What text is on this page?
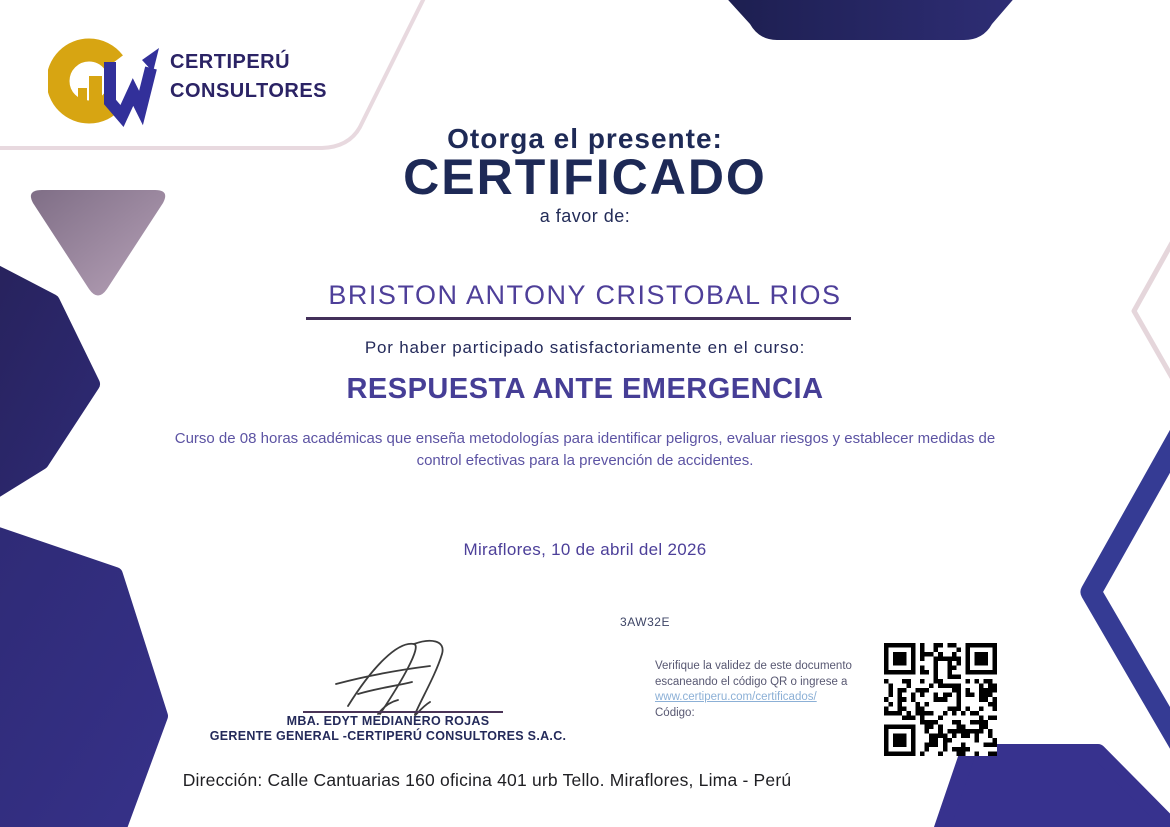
CERTIPERÚ
CONSULTORES
Otorga el presente:
CERTIFICADO
a favor de:
BRISTON ANTONY CRISTOBAL RIOS
Por haber participado satisfactoriamente en el curso:
RESPUESTA ANTE EMERGENCIA
Curso de 08 horas académicas que enseña metodologías para identificar peligros, evaluar riesgos y establecer medidas de control efectivas para la prevención de accidentes.
Miraflores, 10 de abril del 2026
3AW32E
MBA. EDYT MEDIANERO ROJAS
GERENTE GENERAL -CERTIPERÚ CONSULTORES S.A.C.
Verifique la validez de este documento
escaneando el código QR o ingrese a
www.certiperu.com/certificados/
Código:
Dirección: Calle Cantuarias 160 oficina 401 urb Tello. Miraflores, Lima - Perú
